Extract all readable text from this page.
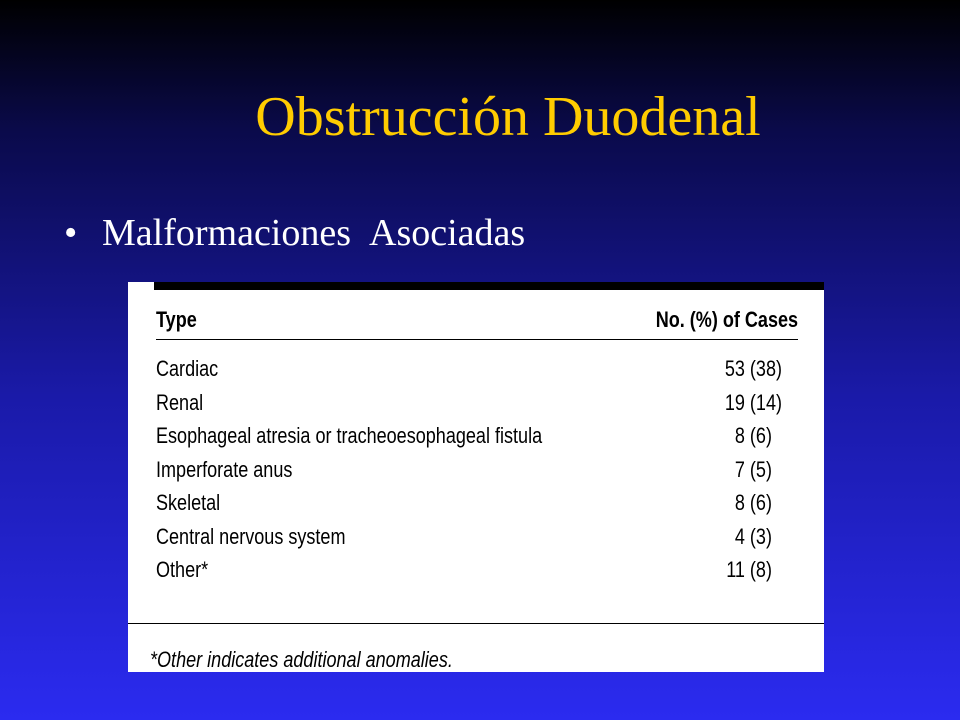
Obstrucción Duodenal
• Malformaciones Asociadas
Type	No. (%) of Cases
Cardiac	53 (38)
Renal	19 (14)
Esophageal atresia or tracheoesophageal fistula	8 (6)
Imperforate anus	7 (5)
Skeletal	8 (6)
Central nervous system	4 (3)
Other*	11 (8)
*Other indicates additional anomalies.
